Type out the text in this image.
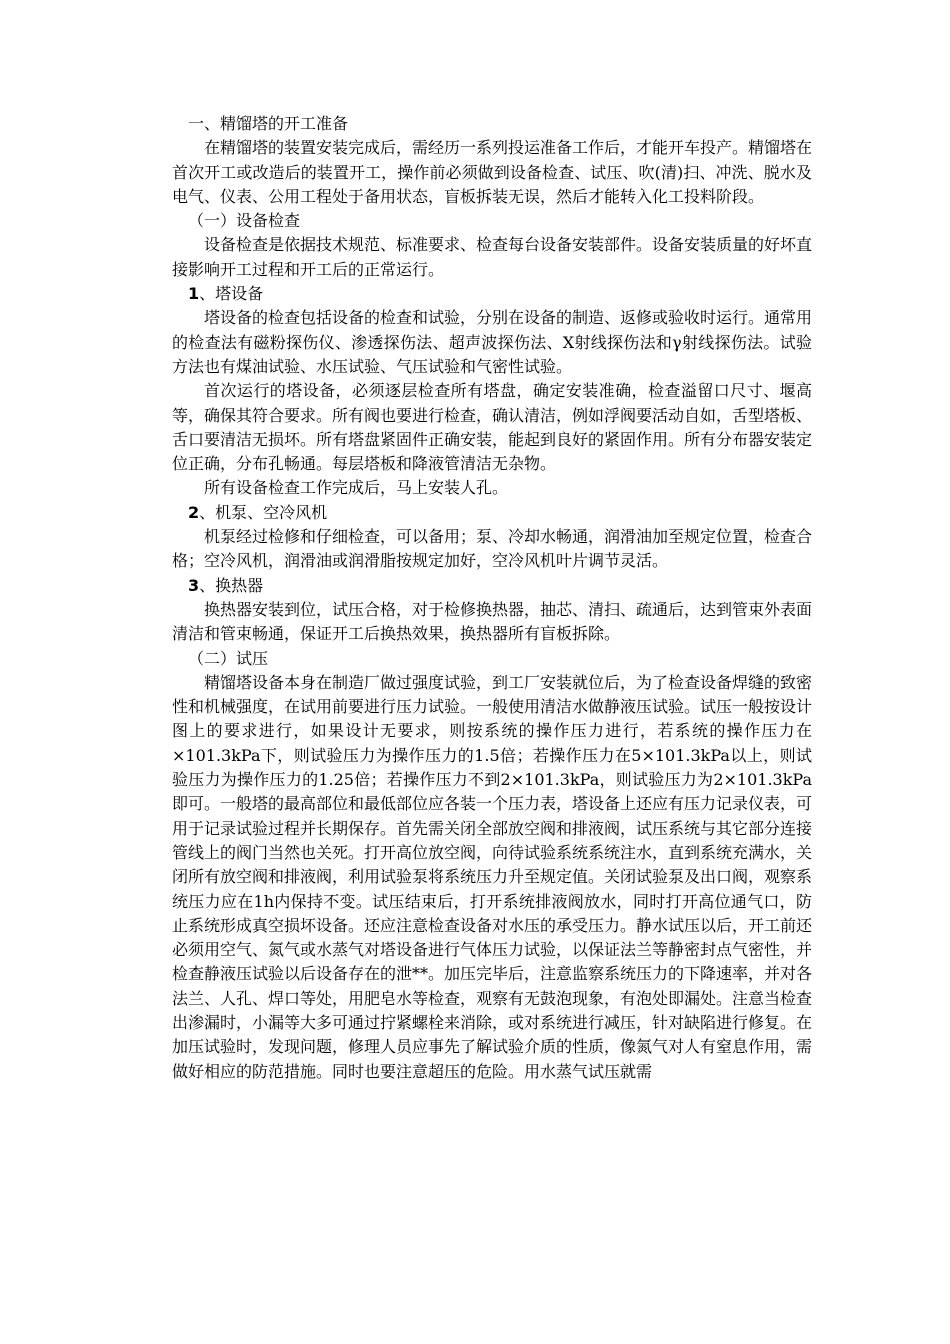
一、精馏塔的开工准备

在精馏塔的装置安装完成后，需经历一系列投运准备工作后，才能开车投产。精馏塔在首次开工或改造后的装置开工，操作前必须做到设备检查、试压、吹(清)扫、冲洗、脱水及电气、仪表、公用工程处于备用状态，盲板拆装无误，然后才能转入化工投料阶段。

（一）设备检查

设备检查是依据技术规范、标准要求、检查每台设备安装部件。设备安装质量的好坏直接影响开工过程和开工后的正常运行。

1、塔设备

塔设备的检查包括设备的检查和试验，分别在设备的制造、返修或验收时运行。通常用的检查法有磁粉探伤仪、渗透探伤法、超声波探伤法、X射线探伤法和γ射线探伤法。试验方法也有煤油试验、水压试验、气压试验和气密性试验。

首次运行的塔设备，必须逐层检查所有塔盘，确定安装准确，检查溢留口尺寸、堰高等，确保其符合要求。所有阀也要进行检查，确认清洁，例如浮阀要活动自如，舌型塔板、舌口要清洁无损坏。所有塔盘紧固件正确安装，能起到良好的紧固作用。所有分布器安装定位正确，分布孔畅通。每层塔板和降液管清洁无杂物。

所有设备检查工作完成后，马上安装人孔。

2、机泵、空冷风机

机泵经过检修和仔细检查，可以备用；泵、冷却水畅通，润滑油加至规定位置，检查合格；空冷风机，润滑油或润滑脂按规定加好，空冷风机叶片调节灵活。

3、换热器

换热器安装到位，试压合格，对于检修换热器，抽芯、清扫、疏通后，达到管束外表面清洁和管束畅通，保证开工后换热效果，换热器所有盲板拆除。

（二）试压

精馏塔设备本身在制造厂做过强度试验，到工厂安装就位后，为了检查设备焊缝的致密性和机械强度，在试用前要进行压力试验。一般使用清洁水做静液压试验。试压一般按设计图上的要求进行，如果设计无要求，则按系统的操作压力进行，若系统的操作压力在 ×101.3kPa下，则试验压力为操作压力的1.5倍；若操作压力在5×101.3kPa以上，则试验压力为操作压力的1.25倍；若操作压力不到2×101.3kPa，则试验压力为2×101.3kPa即可。一般塔的最高部位和最低部位应各装一个压力表，塔设备上还应有压力记录仪表，可用于记录试验过程并长期保存。首先需关闭全部放空阀和排液阀，试压系统与其它部分连接管线上的阀门当然也关死。打开高位放空阀，向待试验系统系统注水，直到系统充满水，关闭所有放空阀和排液阀，利用试验泵将系统压力升至规定值。关闭试验泵及出口阀，观察系统压力应在1h内保持不变。试压结束后，打开系统排液阀放水，同时打开高位通气口，防止系统形成真空损坏设备。还应注意检查设备对水压的承受压力。静水试压以后，开工前还必须用空气、氮气或水蒸气对塔设备进行气体压力试验，以保证法兰等静密封点气密性，并检查静液压试验以后设备存在的泄**。加压完毕后，注意监察系统压力的下降速率，并对各法兰、人孔、焊口等处，用肥皂水等检查，观察有无鼓泡现象，有泡处即漏处。注意当检查出渗漏时，小漏等大多可通过拧紧螺栓来消除，或对系统进行减压，针对缺陷进行修复。在加压试验时，发现问题，修理人员应事先了解试验介质的性质，像氮气对人有窒息作用，需做好相应的防范措施。同时也要注意超压的危险。用水蒸气试压就需
